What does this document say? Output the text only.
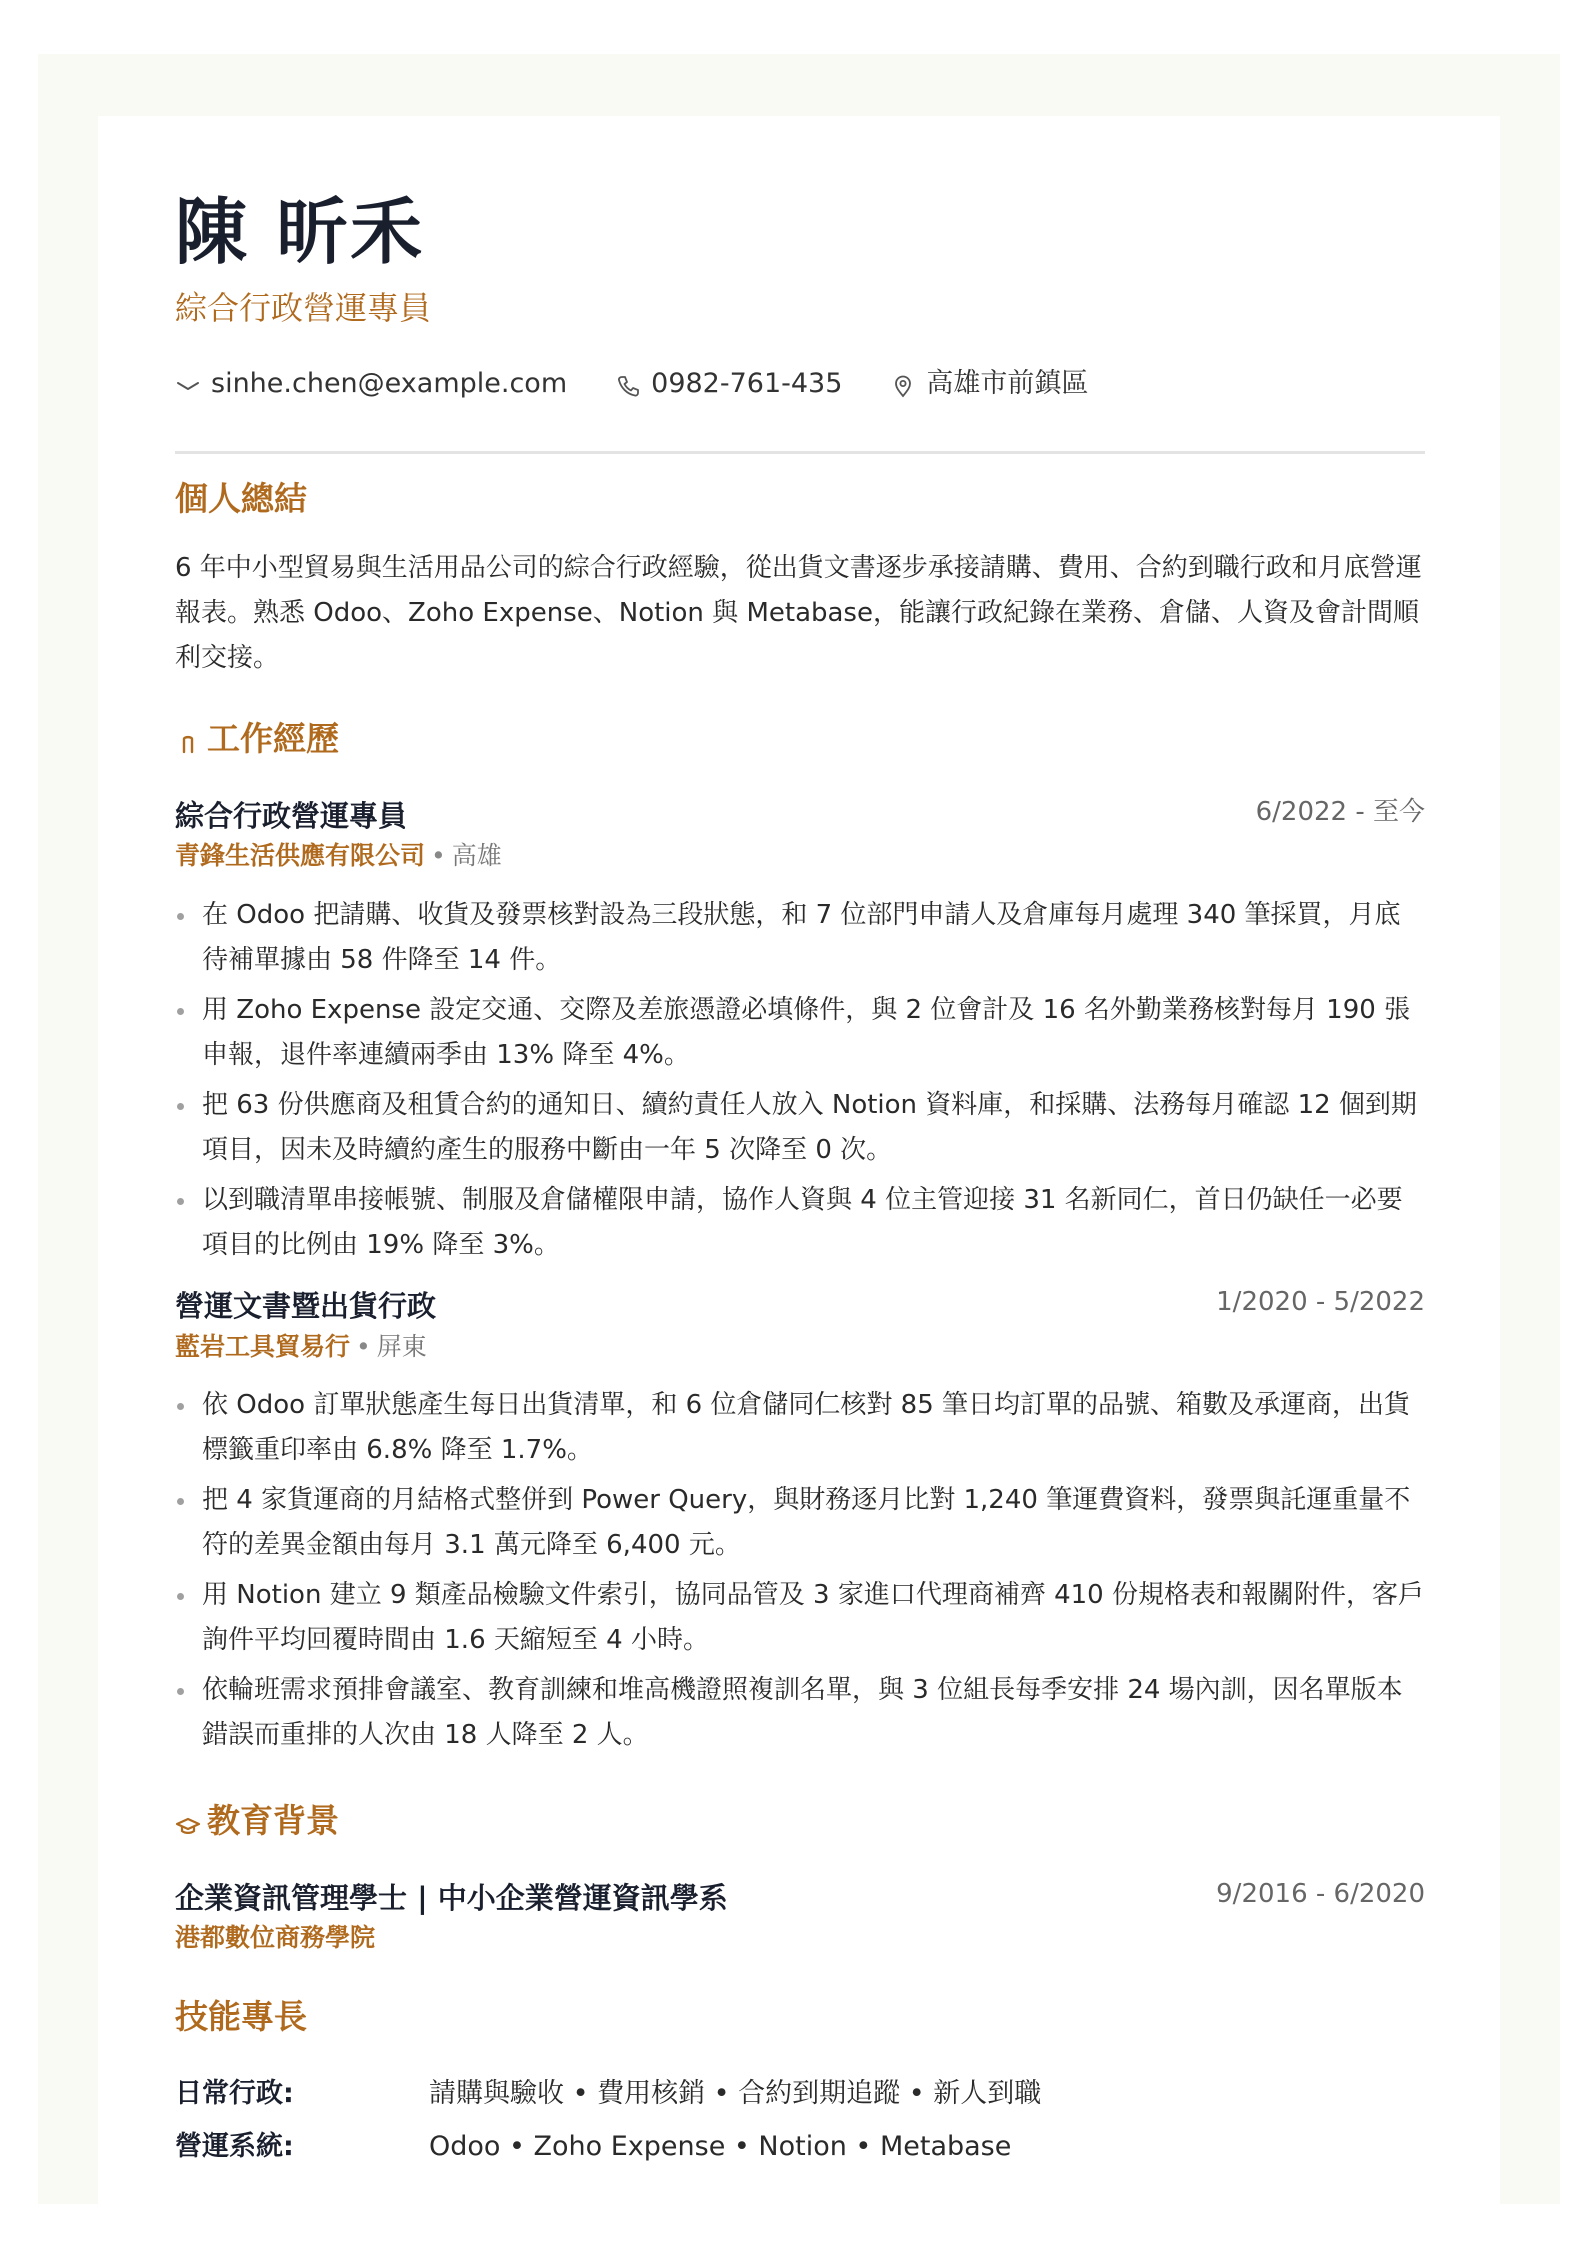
陳 昕禾
綜合行政營運專員
sinhe.chen@example.com	0982-761-435	高雄市前鎮區
個人總結
6 年中小型貿易與生活用品公司的綜合行政經驗，從出貨文書逐步承接請購、費用、合約到職行政和月底營運報表。熟悉 Odoo、Zoho Expense、Notion 與 Metabase，能讓行政紀錄在業務、倉儲、人資及會計間順利交接。
工作經歷
綜合行政營運專員	6/2022 - 至今
青鋒生活供應有限公司 • 高雄
在 Odoo 把請購、收貨及發票核對設為三段狀態，和 7 位部門申請人及倉庫每月處理 340 筆採買，月底待補單據由 58 件降至 14 件。
用 Zoho Expense 設定交通、交際及差旅憑證必填條件，與 2 位會計及 16 名外勤業務核對每月 190 張申報，退件率連續兩季由 13% 降至 4%。
把 63 份供應商及租賃合約的通知日、續約責任人放入 Notion 資料庫，和採購、法務每月確認 12 個到期項目，因未及時續約產生的服務中斷由一年 5 次降至 0 次。
以到職清單串接帳號、制服及倉儲權限申請，協作人資與 4 位主管迎接 31 名新同仁，首日仍缺任一必要項目的比例由 19% 降至 3%。
營運文書暨出貨行政	1/2020 - 5/2022
藍岩工具貿易行 • 屏東
依 Odoo 訂單狀態產生每日出貨清單，和 6 位倉儲同仁核對 85 筆日均訂單的品號、箱數及承運商，出貨標籤重印率由 6.8% 降至 1.7%。
把 4 家貨運商的月結格式整併到 Power Query，與財務逐月比對 1,240 筆運費資料，發票與託運重量不符的差異金額由每月 3.1 萬元降至 6,400 元。
用 Notion 建立 9 類產品檢驗文件索引，協同品管及 3 家進口代理商補齊 410 份規格表和報關附件，客戶詢件平均回覆時間由 1.6 天縮短至 4 小時。
依輪班需求預排會議室、教育訓練和堆高機證照複訓名單，與 3 位組長每季安排 24 場內訓，因名單版本錯誤而重排的人次由 18 人降至 2 人。
教育背景
企業資訊管理學士 | 中小企業營運資訊學系	9/2016 - 6/2020
港都數位商務學院
技能專長
日常行政:	請購與驗收 • 費用核銷 • 合約到期追蹤 • 新人到職
營運系統:	Odoo • Zoho Expense • Notion • Metabase
